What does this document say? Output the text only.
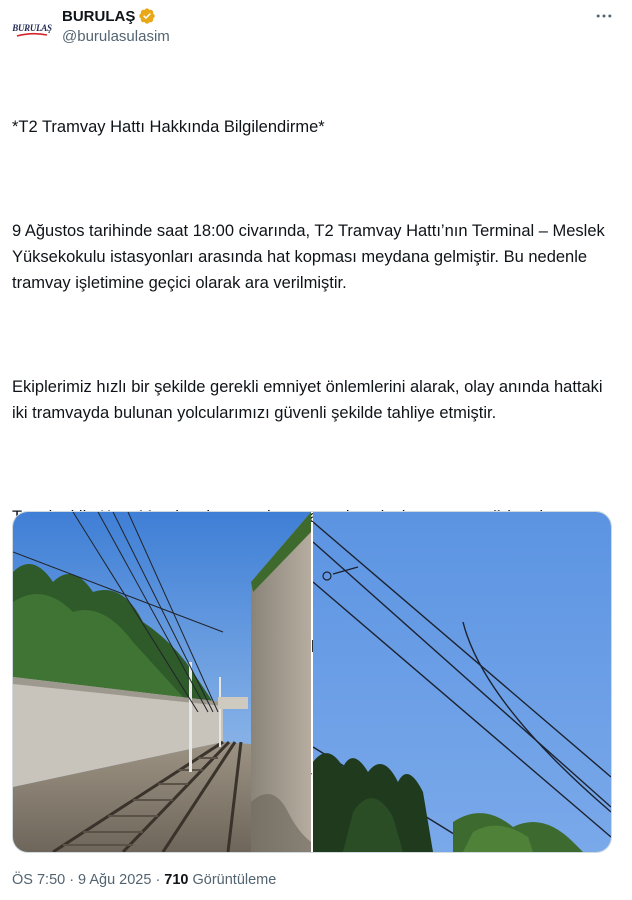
BURULAŞ
BURULAŞ
@burulasulasim

*T2 Tramvay Hattı Hakkında Bilgilendirme*

9 Ağustos tarihinde saat 18:00 civarında, T2 Tramvay Hattı’nın Terminal – Meslek Yüksekokulu istasyonları arasında hat kopması meydana gelmiştir. Bu nedenle tramvay işletimine geçici olarak ara verilmiştir.

Ekiplerimiz hızlı bir şekilde gerekli emniyet önlemlerini alarak, olay anında hattaki iki tramvayda bulunan yolcularımızı güvenli şekilde tahliye etmiştir.

ÖS 7:50 · 9 Ağu 2025 · 710 Görüntüleme
